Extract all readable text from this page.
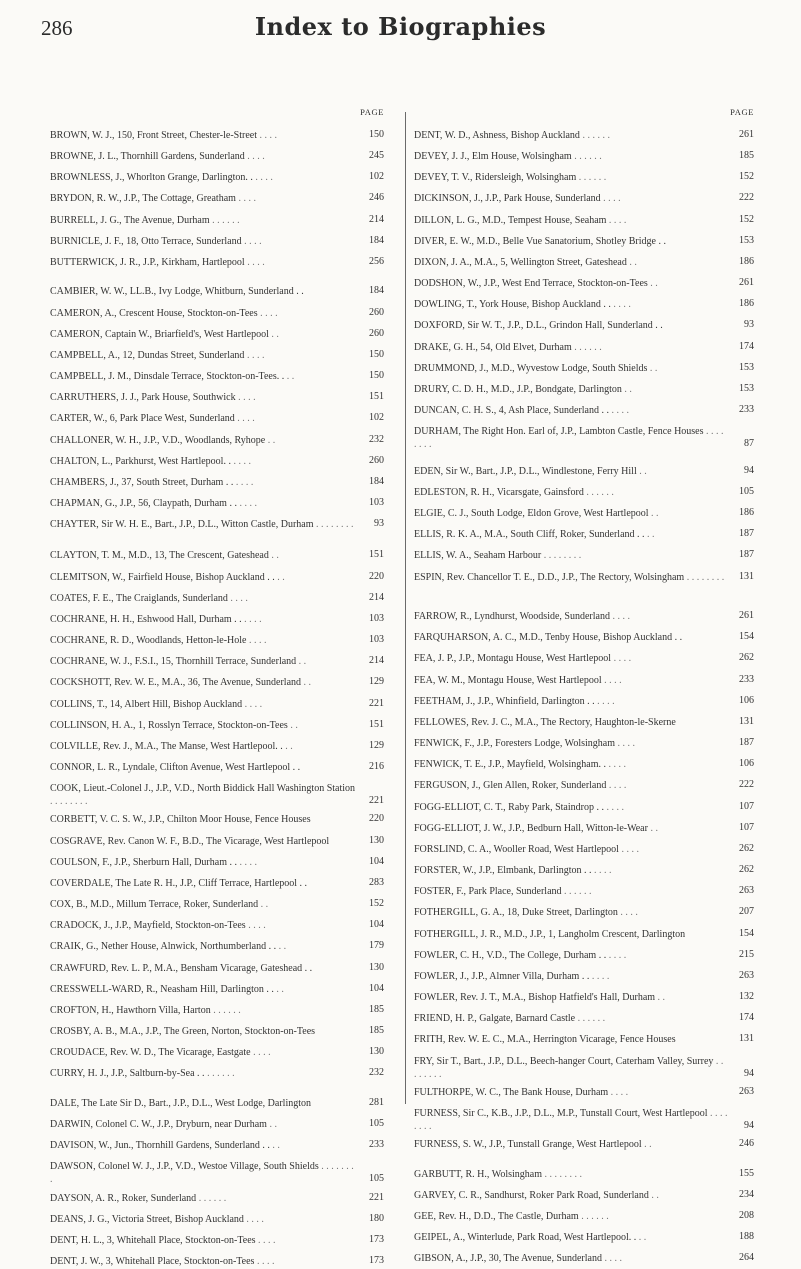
286	Index to Biographies
PAGE
BROWN, W. J., 150, Front Street, Chester-le-Street . . . .	150
BROWNE, J. L., Thornhill Gardens, Sunderland . . . .	245
BROWNLESS, J., Whorlton Grange, Darlington. . . . . .	102
BRYDON, R. W., J.P., The Cottage, Greatham . . . .	246
BURRELL, J. G., The Avenue, Durham . . . . . .	214
BURNICLE, J. F., 18, Otto Terrace, Sunderland . . . .	184
BUTTERWICK, J. R., J.P., Kirkham, Hartlepool . . . .	256
CAMBIER, W. W., LL.B., Ivy Lodge, Whitburn, Sunderland . .	184
CAMERON, A., Crescent House, Stockton-on-Tees . . . .	260
CAMERON, Captain W., Briarfield's, West Hartlepool . .	260
CAMPBELL, A., 12, Dundas Street, Sunderland . . . .	150
CAMPBELL, J. M., Dinsdale Terrace, Stockton-on-Tees. . . .	150
CARRUTHERS, J. J., Park House, Southwick . . . .	151
CARTER, W., 6, Park Place West, Sunderland . . . .	102
CHALLONER, W. H., J.P., V.D., Woodlands, Ryhope . .	232
CHALTON, L., Parkhurst, West Hartlepool. . . . . .	260
CHAMBERS, J., 37, South Street, Durham . . . . . .	184
CHAPMAN, G., J.P., 56, Claypath, Durham . . . . . .	103
CHAYTER, Sir W. H. E., Bart., J.P., D.L., Witton Castle, Durham . . . . . . . .	93
CLAYTON, T. M., M.D., 13, The Crescent, Gateshead . .	151
CLEMITSON, W., Fairfield House, Bishop Auckland . . . .	220
COATES, F. E., The Craiglands, Sunderland . . . .	214
COCHRANE, H. H., Eshwood Hall, Durham . . . . . .	103
COCHRANE, R. D., Woodlands, Hetton-le-Hole . . . .	103
COCHRANE, W. J., F.S.I., 15, Thornhill Terrace, Sunderland . .	214
COCKSHOTT, Rev. W. E., M.A., 36, The Avenue, Sunderland . .	129
COLLINS, T., 14, Albert Hill, Bishop Auckland . . . .	221
COLLINSON, H. A., 1, Rosslyn Terrace, Stockton-on-Tees . .	151
COLVILLE, Rev. J., M.A., The Manse, West Hartlepool. . . .	129
CONNOR, L. R., Lyndale, Clifton Avenue, West Hartlepool . .	216
COOK, Lieut.-Colonel J., J.P., V.D., North Biddick Hall Washington Station . . . . . . . .	221
CORBETT, V. C. S. W., J.P., Chilton Moor House, Fence Houses	220
COSGRAVE, Rev. Canon W. F., B.D., The Vicarage, West Hartlepool	130
COULSON, F., J.P., Sherburn Hall, Durham . . . . . .	104
COVERDALE, The Late R. H., J.P., Cliff Terrace, Hartlepool . .	283
COX, B., M.D., Millum Terrace, Roker, Sunderland . .	152
CRADOCK, J., J.P., Mayfield, Stockton-on-Tees . . . .	104
CRAIK, G., Nether House, Alnwick, Northumberland . . . .	179
CRAWFURD, Rev. L. P., M.A., Bensham Vicarage, Gateshead . .	130
CRESSWELL-WARD, R., Neasham Hill, Darlington . . . .	104
CROFTON, H., Hawthorn Villa, Harton . . . . . .	185
CROSBY, A. B., M.A., J.P., The Green, Norton, Stockton-on-Tees	185
CROUDACE, Rev. W. D., The Vicarage, Eastgate . . . .	130
CURRY, H. J., J.P., Saltburn-by-Sea . . . . . . . .	232
DALE, The Late Sir D., Bart., J.P., D.L., West Lodge, Darlington	281
DARWIN, Colonel C. W., J.P., Dryburn, near Durham . .	105
DAVISON, W., Jun., Thornhill Gardens, Sunderland . . . .	233
DAWSON, Colonel W. J., J.P., V.D., Westoe Village, South Shields . . . . . . . .	105
DAYSON, A. R., Roker, Sunderland . . . . . .	221
DEANS, J. G., Victoria Street, Bishop Auckland . . . .	180
DENT, H. L., 3, Whitehall Place, Stockton-on-Tees . . . .	173
DENT, J. W., 3, Whitehall Place, Stockton-on-Tees . . . .	173
PAGE
DENT, W. D., Ashness, Bishop Auckland . . . . . .	261
DEVEY, J. J., Elm House, Wolsingham . . . . . .	185
DEVEY, T. V., Ridersleigh, Wolsingham . . . . . .	152
DICKINSON, J., J.P., Park House, Sunderland . . . .	222
DILLON, L. G., M.D., Tempest House, Seaham . . . .	152
DIVER, E. W., M.D., Belle Vue Sanatorium, Shotley Bridge . .	153
DIXON, J. A., M.A., 5, Wellington Street, Gateshead . .	186
DODSHON, W., J.P., West End Terrace, Stockton-on-Tees . .	261
DOWLING, T., York House, Bishop Auckland . . . . . .	186
DOXFORD, Sir W. T., J.P., D.L., Grindon Hall, Sunderland . .	93
DRAKE, G. H., 54, Old Elvet, Durham . . . . . .	174
DRUMMOND, J., M.D., Wyvestow Lodge, South Shields . .	153
DRURY, C. D. H., M.D., J.P., Bondgate, Darlington . .	153
DUNCAN, C. H. S., 4, Ash Place, Sunderland . . . . . .	233
DURHAM, The Right Hon. Earl of, J.P., Lambton Castle, Fence Houses . . . . . . . .	87
EDEN, Sir W., Bart., J.P., D.L., Windlestone, Ferry Hill . .	94
EDLESTON, R. H., Vicarsgate, Gainsford . . . . . .	105
ELGIE, C. J., South Lodge, Eldon Grove, West Hartlepool . .	186
ELLIS, R. K. A., M.A., South Cliff, Roker, Sunderland . . . .	187
ELLIS, W. A., Seaham Harbour . . . . . . . .	187
ESPIN, Rev. Chancellor T. E., D.D., J.P., The Rectory, Wolsingham . . . . . . . .	131
FARROW, R., Lyndhurst, Woodside, Sunderland . . . .	261
FARQUHARSON, A. C., M.D., Tenby House, Bishop Auckland . .	154
FEA, J. P., J.P., Montagu House, West Hartlepool . . . .	262
FEA, W. M., Montagu House, West Hartlepool . . . .	233
FEETHAM, J., J.P., Whinfield, Darlington . . . . . .	106
FELLOWES, Rev. J. C., M.A., The Rectory, Haughton-le-Skerne	131
FENWICK, F., J.P., Foresters Lodge, Wolsingham . . . .	187
FENWICK, T. E., J.P., Mayfield, Wolsingham. . . . . .	106
FERGUSON, J., Glen Allen, Roker, Sunderland . . . .	222
FOGG-ELLIOT, C. T., Raby Park, Staindrop . . . . . .	107
FOGG-ELLIOT, J. W., J.P., Bedburn Hall, Witton-le-Wear . .	107
FORSLIND, C. A., Wooller Road, West Hartlepool . . . .	262
FORSTER, W., J.P., Elmbank, Darlington . . . . . .	262
FOSTER, F., Park Place, Sunderland . . . . . .	263
FOTHERGILL, G. A., 18, Duke Street, Darlington . . . .	207
FOTHERGILL, J. R., M.D., J.P., 1, Langholm Crescent, Darlington	154
FOWLER, C. H., V.D., The College, Durham . . . . . .	215
FOWLER, J., J.P., Almner Villa, Durham . . . . . .	263
FOWLER, Rev. J. T., M.A., Bishop Hatfield's Hall, Durham . .	132
FRIEND, H. P., Galgate, Barnard Castle . . . . . .	174
FRITH, Rev. W. E. C., M.A., Herrington Vicarage, Fence Houses	131
FRY, Sir T., Bart., J.P., D.L., Beech-hanger Court, Caterham Valley, Surrey . . . . . . . .	94
FULTHORPE, W. C., The Bank House, Durham . . . .	263
FURNESS, Sir C., K.B., J.P., D.L., M.P., Tunstall Court, West Hartlepool . . . . . . . .	94
FURNESS, S. W., J.P., Tunstall Grange, West Hartlepool . .	246
GARBUTT, R. H., Wolsingham . . . . . . . .	155
GARVEY, C. R., Sandhurst, Roker Park Road, Sunderland . .	234
GEE, Rev. H., D.D., The Castle, Durham . . . . . .	208
GEIPEL, A., Winterlude, Park Road, West Hartlepool. . . .	188
GIBSON, A., J.P., 30, The Avenue, Sunderland . . . .	264
